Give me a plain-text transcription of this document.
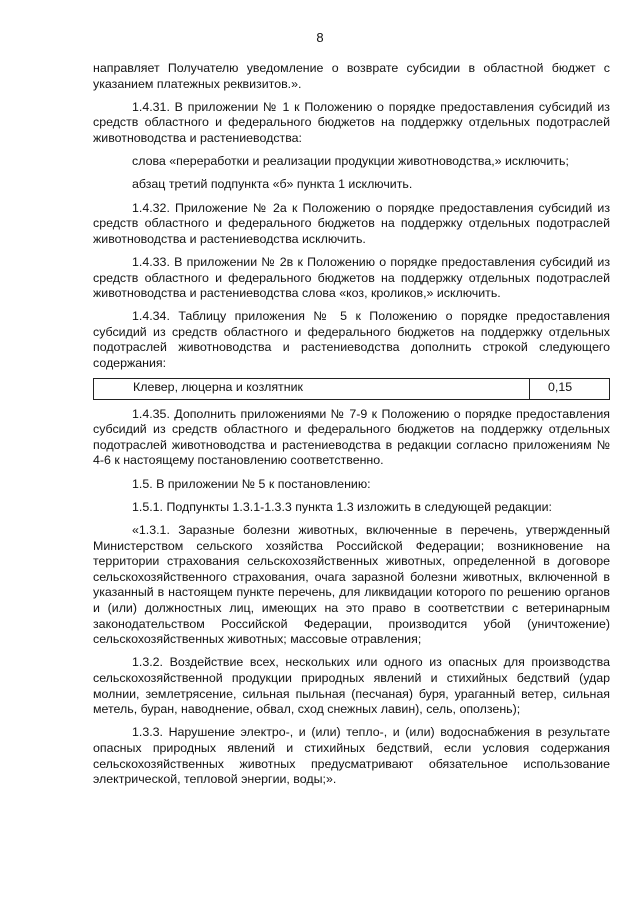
8

направляет Получателю уведомление о возврате субсидии в областной бюджет с указанием платежных реквизитов.».

1.4.31. В приложении № 1 к Положению о порядке предоставления субсидий из средств областного и федерального бюджетов на поддержку отдельных подотраслей животноводства и растениеводства:

слова «переработки и реализации продукции животноводства,» исключить;

абзац третий подпункта «б» пункта 1 исключить.

1.4.32. Приложение № 2а к Положению о порядке предоставления субсидий из средств областного и федерального бюджетов на поддержку отдельных подотраслей животноводства и растениеводства исключить.

1.4.33. В приложении № 2в к Положению о порядке предоставления субсидий из средств областного и федерального бюджетов на поддержку отдельных подотраслей животноводства и растениеводства слова «коз, кроликов,» исключить.

1.4.34. Таблицу приложения № 5 к Положению о порядке предоставления субсидий из средств областного и федерального бюджетов на поддержку отдельных подотраслей животноводства и растениеводства дополнить строкой следующего содержания:

Клевер, люцерна и козлятник	0,15

1.4.35. Дополнить приложениями № 7-9 к Положению о порядке предоставления субсидий из средств областного и федерального бюджетов на поддержку отдельных подотраслей животноводства и растениеводства в редакции согласно приложениям № 4-6 к настоящему постановлению соответственно.

1.5. В приложении № 5 к постановлению:

1.5.1. Подпункты 1.3.1-1.3.3 пункта 1.3 изложить в следующей редакции:

«1.3.1. Заразные болезни животных, включенные в перечень, утвержденный Министерством сельского хозяйства Российской Федерации; возникновение на территории страхования сельскохозяйственных животных, определенной в договоре сельскохозяйственного страхования, очага заразной болезни животных, включенной в указанный в настоящем пункте перечень, для ликвидации которого по решению органов и (или) должностных лиц, имеющих на это право в соответствии с ветеринарным законодательством Российской Федерации, производится убой (уничтожение) сельскохозяйственных животных; массовые отравления;

1.3.2. Воздействие всех, нескольких или одного из опасных для производства сельскохозяйственной продукции природных явлений и стихийных бедствий (удар молнии, землетрясение, сильная пыльная (песчаная) буря, ураганный ветер, сильная метель, буран, наводнение, обвал, сход снежных лавин), сель, оползень);

1.3.3. Нарушение электро-, и (или) тепло-, и (или) водоснабжения в результате опасных природных явлений и стихийных бедствий, если условия содержания сельскохозяйственных животных предусматривают обязательное использование электрической, тепловой энергии, воды;».
